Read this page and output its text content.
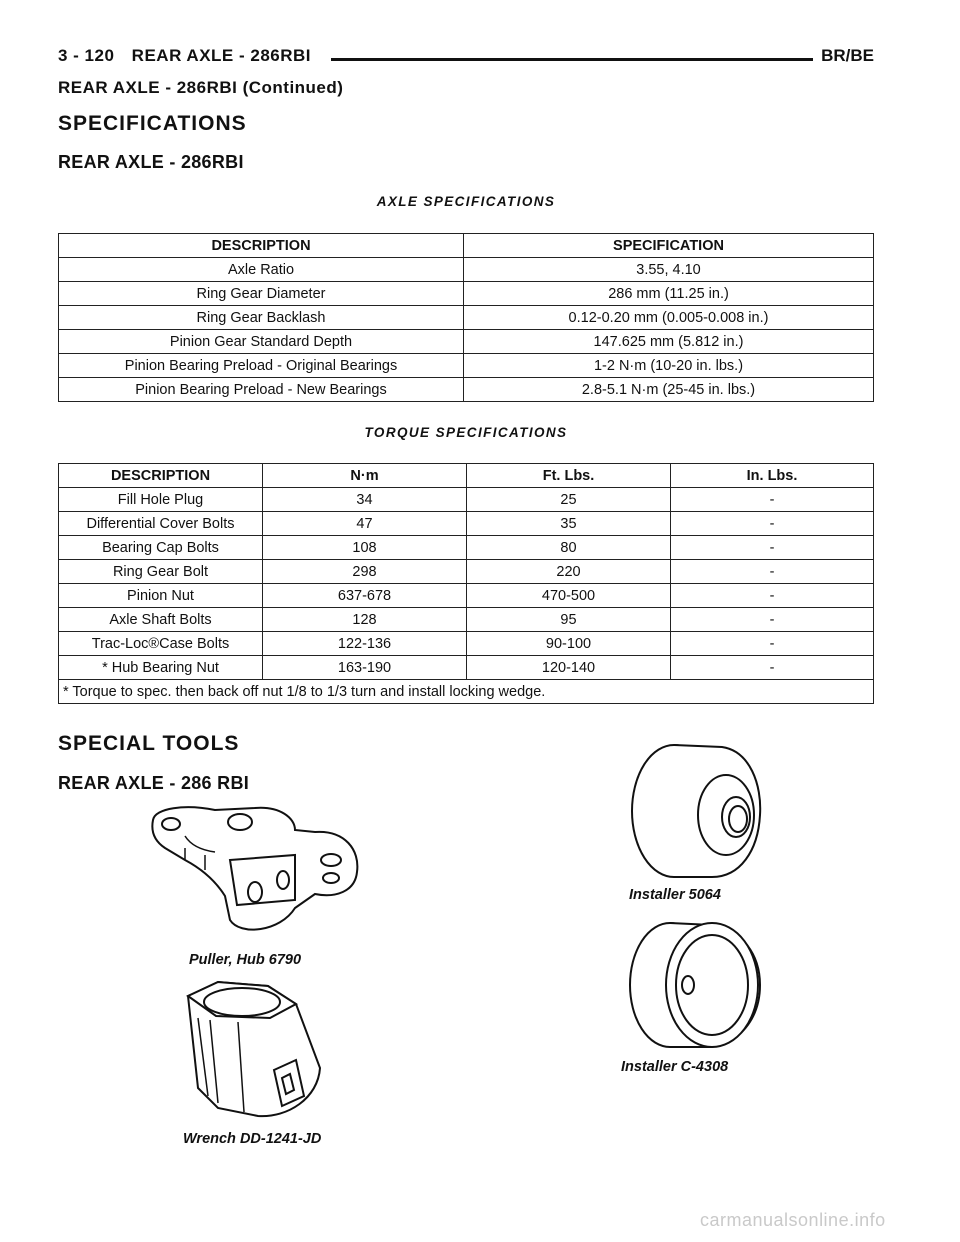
3 - 120 REAR AXLE - 286RBI	BR/BE
REAR AXLE - 286RBI (Continued)
SPECIFICATIONS
REAR AXLE - 286RBI
AXLE SPECIFICATIONS
DESCRIPTION	SPECIFICATION
Axle Ratio	3.55, 4.10
Ring Gear Diameter	286 mm (11.25 in.)
Ring Gear Backlash	0.12-0.20 mm (0.005-0.008 in.)
Pinion Gear Standard Depth	147.625 mm (5.812 in.)
Pinion Bearing Preload - Original Bearings	1-2 N·m (10-20 in. lbs.)
Pinion Bearing Preload - New Bearings	2.8-5.1 N·m (25-45 in. lbs.)
TORQUE SPECIFICATIONS
DESCRIPTION	N·m	Ft. Lbs.	In. Lbs.
Fill Hole Plug	34	25	-
Differential Cover Bolts	47	35	-
Bearing Cap Bolts	108	80	-
Ring Gear Bolt	298	220	-
Pinion Nut	637-678	470-500	-
Axle Shaft Bolts	128	95	-
Trac-Loc®Case Bolts	122-136	90-100	-
* Hub Bearing Nut	163-190	120-140	-
* Torque to spec. then back off nut 1/8 to 1/3 turn and install locking wedge.			
SPECIAL TOOLS
REAR AXLE - 286 RBI
Puller, Hub 6790
Wrench DD-1241-JD
Installer 5064
Installer C-4308
carmanualsonline.info
